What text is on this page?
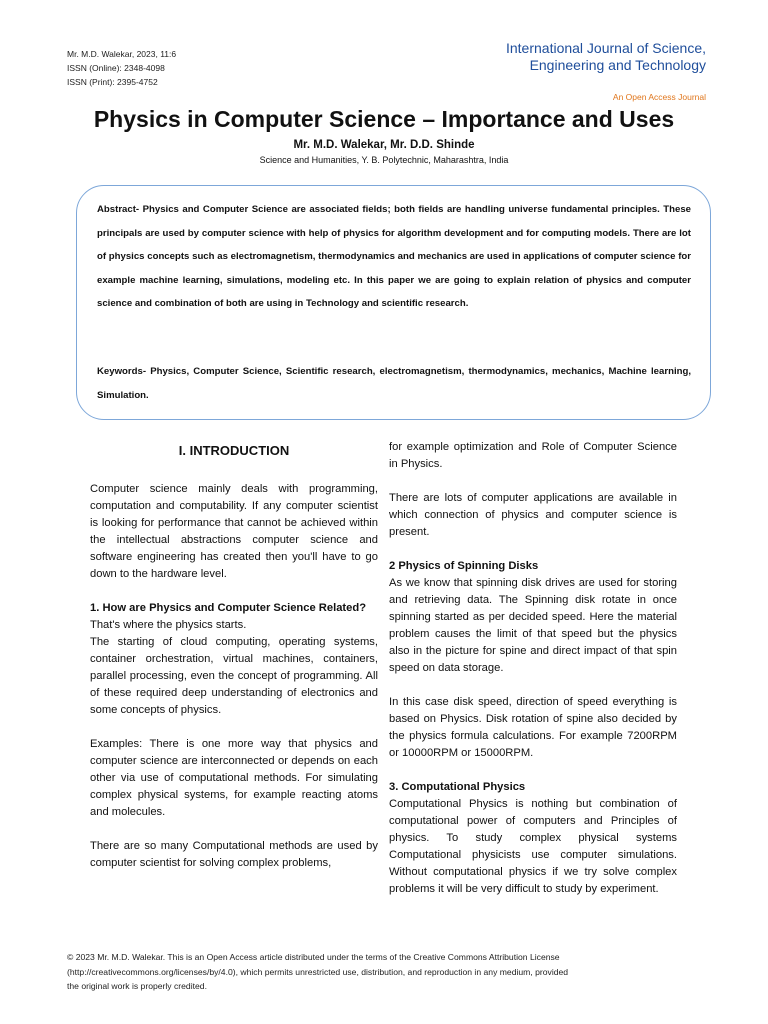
Mr. M.D. Walekar, 2023, 11:6
ISSN (Online): 2348-4098
ISSN (Print): 2395-4752
International Journal of Science,
Engineering and Technology
An Open Access Journal
Physics in Computer Science – Importance and Uses
Mr. M.D. Walekar, Mr. D.D. Shinde
Science and Humanities, Y. B. Polytechnic, Maharashtra, India
Abstract- Physics and Computer Science are associated fields; both fields are handling universe fundamental principles. These principals are used by computer science with help of physics for algorithm development and for computing models. There are lot of physics concepts such as electromagnetism, thermodynamics and mechanics are used in applications of computer science for example machine learning, simulations, modeling etc. In this paper we are going to explain relation of physics and computer science and combination of both are using in Technology and scientific research.
Keywords- Physics, Computer Science, Scientific research, electromagnetism, thermodynamics, mechanics, Machine learning, Simulation.
I. INTRODUCTION

Computer science mainly deals with programming, computation and computability. If any computer scientist is looking for performance that cannot be achieved within the intellectual abstractions computer science and software engineering has created then you'll have to go down to the hardware level.

1. How are Physics and Computer Science Related?

That's where the physics starts.

The starting of cloud computing, operating systems, container orchestration, virtual machines, containers, parallel processing, even the concept of programming. All of these required deep understanding of electronics and some concepts of physics.

Examples: There is one more way that physics and computer science are interconnected or depends on each other via use of computational methods. For simulating complex physical systems, for example reacting atoms and molecules.

There are so many Computational methods are used by computer scientist for solving complex problems,

for example optimization and Role of Computer Science in Physics.

There are lots of computer applications are available in which connection of physics and computer science is present.

2 Physics of Spinning Disks

As we know that spinning disk drives are used for storing and retrieving data. The Spinning disk rotate in once spinning started as per decided speed. Here the material problem causes the limit of that speed but the physics also in the picture for spine and direct impact of that spin speed on data storage.

In this case disk speed, direction of speed everything is based on Physics. Disk rotation of spine also decided by the physics formula calculations. For example 7200RPM or 10000RPM or 15000RPM.

3. Computational Physics

Computational Physics is nothing but combination of computational power of computers and Principles of physics. To study complex physical systems Computational physicists use computer simulations. Without computational physics if we try solve complex problems it will be very difficult to study by experiment.

© 2023 Mr. M.D. Walekar. This is an Open Access article distributed under the terms of the Creative Commons Attribution License
(http://creativecommons.org/licenses/by/4.0), which permits unrestricted use, distribution, and reproduction in any medium, provided
the original work is properly credited.
